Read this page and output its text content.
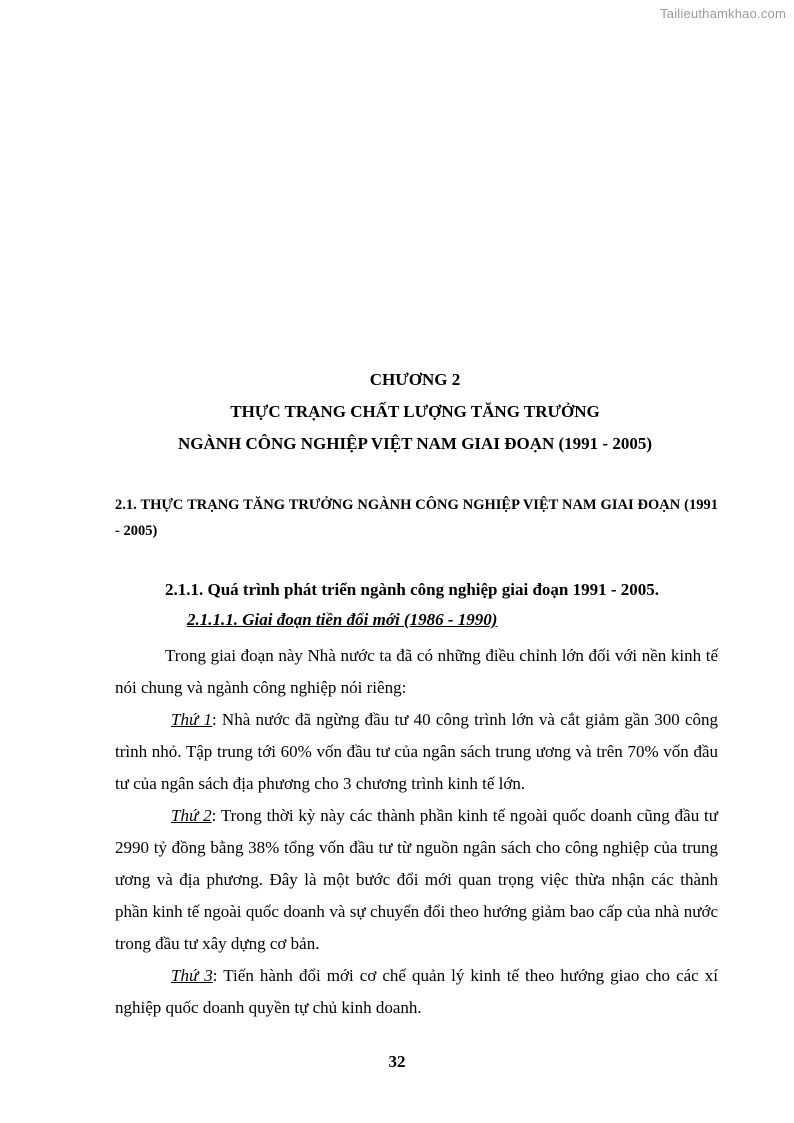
Tailieuthamkhao.com
CHƯƠNG 2
THỰC TRẠNG CHẤT LƯỢNG TĂNG TRƯỞNG
NGÀNH CÔNG NGHIỆP VIỆT NAM GIAI ĐOẠN (1991 - 2005)
2.1. THỰC TRẠNG TĂNG TRƯỞNG NGÀNH CÔNG NGHIỆP VIỆT NAM GIAI ĐOẠN (1991 - 2005)
2.1.1. Quá trình phát triển ngành công nghiệp giai đoạn 1991 - 2005.
2.1.1.1. Giai đoạn tiền đổi mới (1986 - 1990)

Trong giai đoạn này Nhà nước ta đã có những điều chỉnh lớn đối với nền kinh tế nói chung và ngành công nghiệp nói riêng:

Thứ 1: Nhà nước đã ngừng đầu tư 40 công trình lớn và cắt giảm gần 300 công trình nhỏ. Tập trung tới 60% vốn đầu tư của ngân sách trung ương và trên 70% vốn đầu tư của ngân sách địa phương cho 3 chương trình kinh tế lớn.

Thứ 2: Trong thời kỳ này các thành phần kinh tế ngoài quốc doanh cũng đầu tư 2990 tỷ đồng bằng 38% tổng vốn đầu tư từ nguồn ngân sách cho công nghiệp của trung ương và địa phương. Đây là một bước đổi mới quan trọng việc thừa nhận các thành phần kinh tế ngoài quốc doanh và sự chuyển đổi theo hướng giảm bao cấp của nhà nước trong đầu tư xây dựng cơ bản.

Thứ 3: Tiến hành đổi mới cơ chế quản lý kinh tế theo hướng giao cho các xí nghiệp quốc doanh quyền tự chủ kinh doanh.

32
